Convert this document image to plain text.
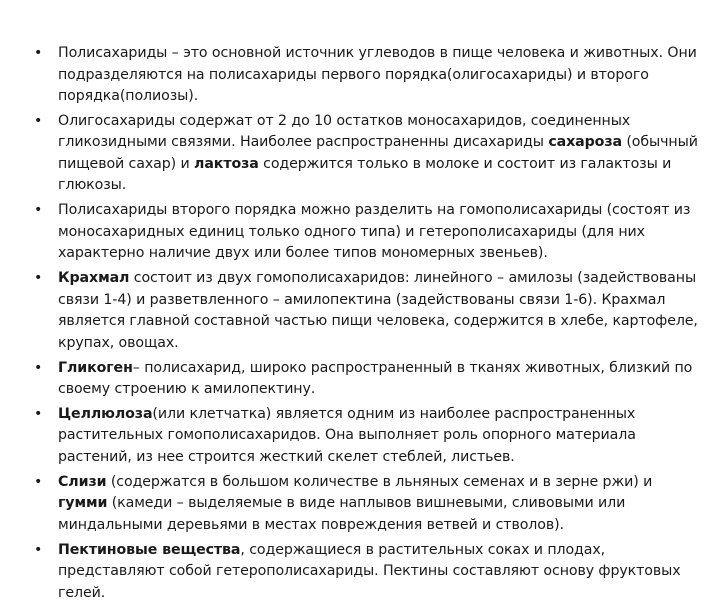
•	Полисахариды – это основной источник углеводов в пище человека и животных. Они подразделяются на полисахариды первого порядка(олигосахариды) и второго порядка(полиозы).
•	Олигосахариды содержат от 2 до 10 остатков моносахаридов, соединенных гликозидными связями. Наиболее распространенны дисахариды сахароза (обычный пищевой сахар) и лактоза содержится только в молоке и состоит из галактозы и глюкозы.
•	Полисахариды второго порядка можно разделить на гомополисахариды (состоят из моносахаридных единиц только одного типа) и гетерополисахариды (для них характерно наличие двух или более типов мономерных звеньев).
•	Крахмал состоит из двух гомополисахаридов: линейного – амилозы (задействованы связи 1-4) и разветвленного – амилопектина (задействованы связи 1-6). Крахмал является главной составной частью пищи человека, содержится в хлебе, картофеле, крупах, овощах.
•	Гликоген– полисахарид, широко распространенный в тканях животных, близкий по своему строению к амилопектину.
•	Целлюлоза(или клетчатка) является одним из наиболее распространенных растительных гомополисахаридов. Она выполняет роль опорного материала растений, из нее строится жесткий скелет стеблей, листьев.
•	Слизи (содержатся в большом количестве в льняных семенах и в зерне ржи) и гумми (камеди – выделяемые в виде наплывов вишневыми, сливовыми или миндальными деревьями в местах повреждения ветвей и стволов).
•	Пектиновые вещества, содержащиеся в растительных соках и плодах, представляют собой гетерополисахариды. Пектины составляют основу фруктовых гелей.
